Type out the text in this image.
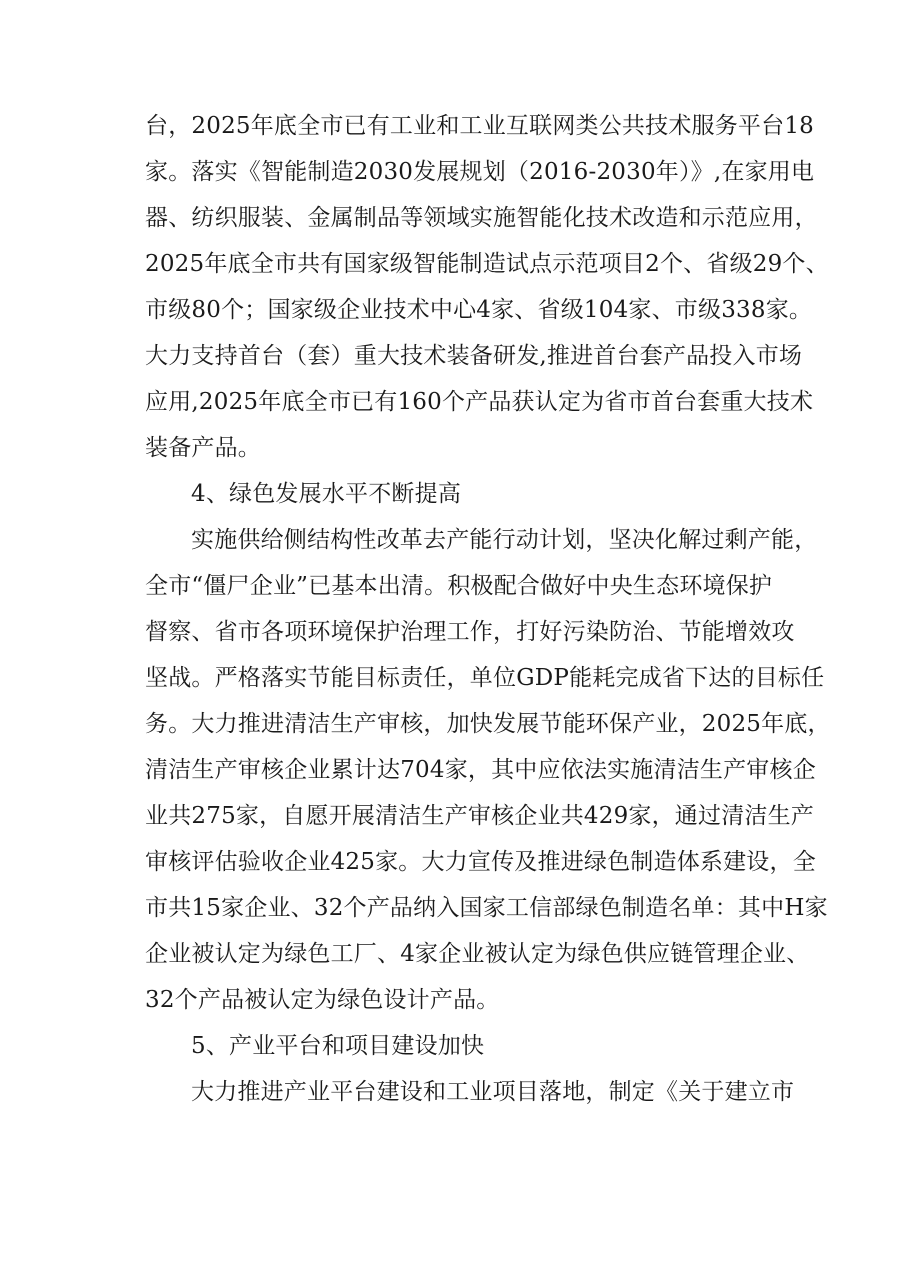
台，2025年底全市已有工业和工业互联网类公共技术服务平台18
家。落实《智能制造2030发展规划（2016-2030年）》,在家用电
器、纺织服装、金属制品等领域实施智能化技术改造和示范应用，
2025年底全市共有国家级智能制造试点示范项目2个、省级29个、
市级80个；国家级企业技术中心4家、省级104家、市级338家。
大力支持首台（套）重大技术装备研发,推进首台套产品投入市场
应用,2025年底全市已有160个产品获认定为省市首台套重大技术
装备产品。
4、绿色发展水平不断提高
实施供给侧结构性改革去产能行动计划，坚决化解过剩产能，
全市“僵尸企业”已基本出清。积极配合做好中央生态环境保护
督察、省市各项环境保护治理工作，打好污染防治、节能增效攻
坚战。严格落实节能目标责任，单位GDP能耗完成省下达的目标任
务。大力推进清洁生产审核，加快发展节能环保产业，2025年底，
清洁生产审核企业累计达704家，其中应依法实施清洁生产审核企
业共275家，自愿开展清洁生产审核企业共429家，通过清洁生产
审核评估验收企业425家。大力宣传及推进绿色制造体系建设，全
市共15家企业、32个产品纳入国家工信部绿色制造名单：其中H家
企业被认定为绿色工厂、4家企业被认定为绿色供应链管理企业、
32个产品被认定为绿色设计产品。
5、产业平台和项目建设加快
大力推进产业平台建设和工业项目落地，制定《关于建立市
